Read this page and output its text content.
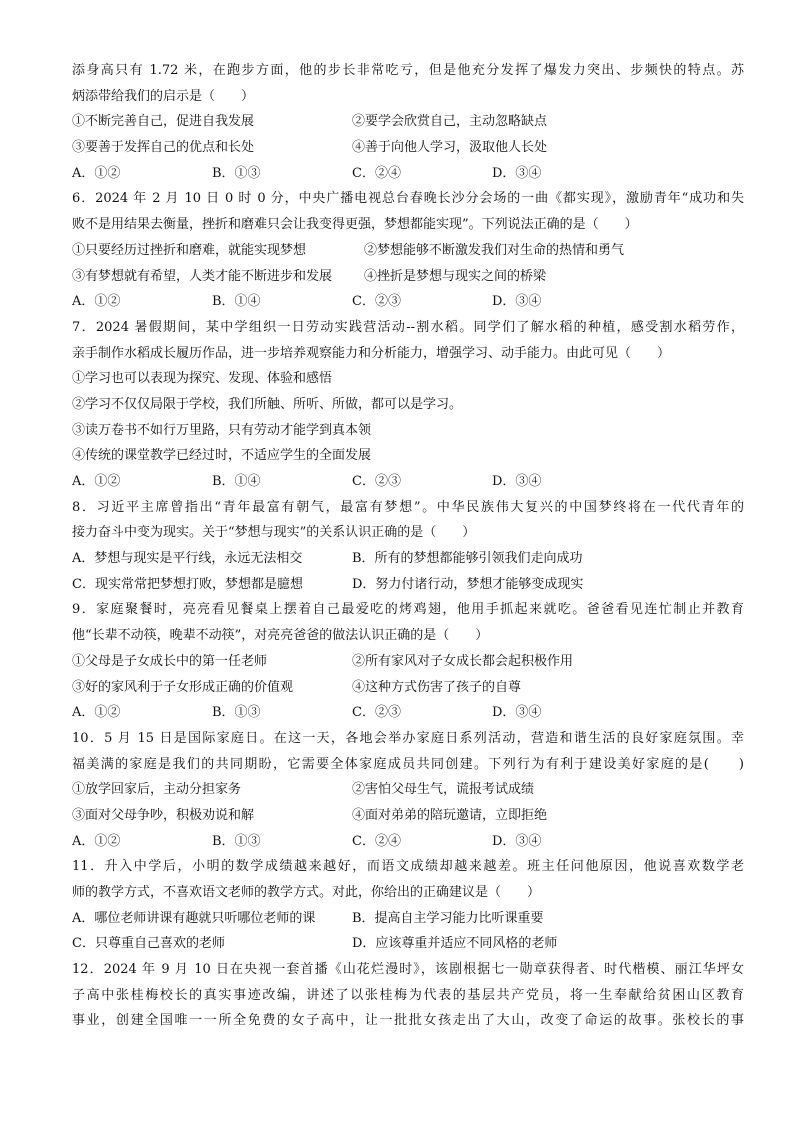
添身高只有 1.72 米，在跑步方面，他的步长非常吃亏，但是他充分发挥了爆发力突出、步频快的特点。苏
炳添带给我们的启示是（　　）
①不断完善自己，促进自我发展	②要学会欣赏自己，主动忽略缺点
③要善于发挥自己的优点和长处	④善于向他人学习，汲取他人长处
A．①②	B．①③	C．②④	D．③④
6．2024 年 2 月 10 日 0 时 0 分，中央广播电视总台春晚长沙分会场的一曲《都实现》，激励青年“成功和失
败不是用结果去衡量，挫折和磨难只会让我变得更强，梦想都能实现”。下列说法正确的是（　　）
①只要经历过挫折和磨难，就能实现梦想	②梦想能够不断激发我们对生命的热情和勇气
③有梦想就有希望，人类才能不断进步和发展	④挫折是梦想与现实之间的桥梁
A．①②	B．①④	C．②③	D．③④
7．2024 暑假期间，某中学组织一日劳动实践营活动--割水稻。同学们了解水稻的种植，感受割水稻劳作，
亲手制作水稻成长履历作品，进一步培养观察能力和分析能力，增强学习、动手能力。由此可见（　　）
①学习也可以表现为探究、发现、体验和感悟
②学习不仅仅局限于学校，我们所触、所听、所做，都可以是学习。
③读万卷书不如行万里路，只有劳动才能学到真本领
④传统的课堂教学已经过时，不适应学生的全面发展
A．①②	B．①④	C．②③	D．③④
8．习近平主席曾指出“青年最富有朝气，最富有梦想”。中华民族伟大复兴的中国梦终将在一代代青年的
接力奋斗中变为现实。关于“梦想与现实”的关系认识正确的是（　　）
A．梦想与现实是平行线，永远无法相交	B．所有的梦想都能够引领我们走向成功
C．现实常常把梦想打败，梦想都是臆想	D．努力付诸行动，梦想才能够变成现实
9．家庭聚餐时，亮亮看见餐桌上摆着自己最爱吃的烤鸡翅，他用手抓起来就吃。爸爸看见连忙制止并教育
他“长辈不动筷，晚辈不动筷”，对亮亮爸爸的做法认识正确的是（　　）
①父母是子女成长中的第一任老师	②所有家风对子女成长都会起积极作用
③好的家风利于子女形成正确的价值观	④这种方式伤害了孩子的自尊
A．①②	B．①③	C．②③	D．③④
10．5 月 15 日是国际家庭日。在这一天，各地会举办家庭日系列活动，营造和谐生活的良好家庭氛围。幸
福美满的家庭是我们的共同期盼，它需要全体家庭成员共同创建。下列行为有利于建设美好家庭的是(　　)
①放学回家后，主动分担家务	②害怕父母生气，谎报考试成绩
③面对父母争吵，积极劝说和解	④面对弟弟的陪玩邀请，立即拒绝
A．①②	B．①③	C．②④	D．③④
11．升入中学后，小明的数学成绩越来越好，而语文成绩却越来越差。班主任问他原因，他说喜欢数学老
师的教学方式，不喜欢语文老师的教学方式。对此，你给出的正确建议是（　　）
A．哪位老师讲课有趣就只听哪位老师的课	B．提高自主学习能力比听课重要
C．只尊重自己喜欢的老师	D．应该尊重并适应不同风格的老师
12．2024 年 9 月 10 日在央视一套首播《山花烂漫时》，该剧根据七一勋章获得者、时代楷模、丽江华坪女
子高中张桂梅校长的真实事迹改编，讲述了以张桂梅为代表的基层共产党员，将一生奉献给贫困山区教育
事业，创建全国唯一一所全免费的女子高中，让一批批女孩走出了大山，改变了命运的故事。张校长的事
